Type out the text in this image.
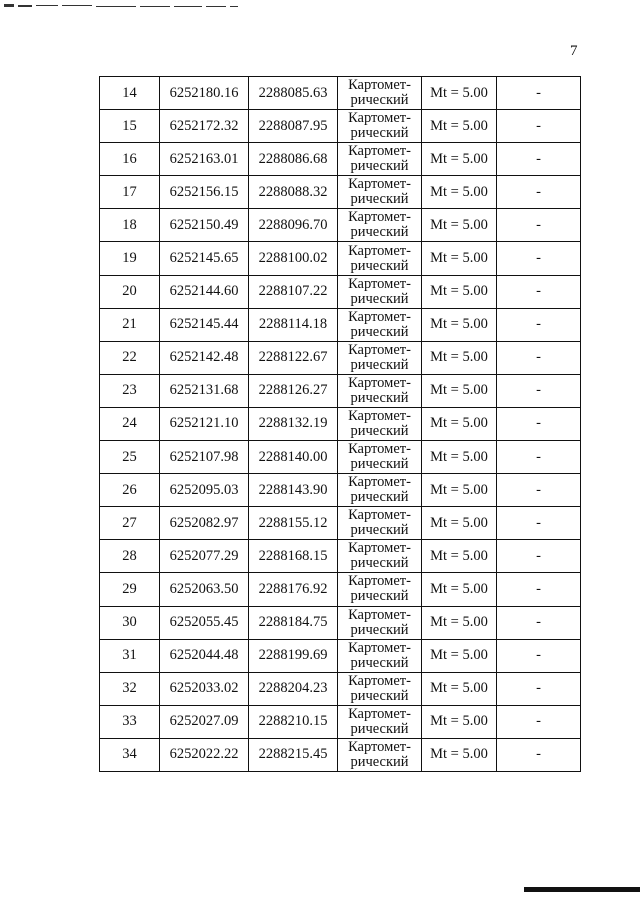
7
14	6252180.16	2288085.63	Картомет-
рический	Mt = 5.00	-
15	6252172.32	2288087.95	Картомет-
рический	Mt = 5.00	-
16	6252163.01	2288086.68	Картомет-
рический	Mt = 5.00	-
17	6252156.15	2288088.32	Картомет-
рический	Mt = 5.00	-
18	6252150.49	2288096.70	Картомет-
рический	Mt = 5.00	-
19	6252145.65	2288100.02	Картомет-
рический	Mt = 5.00	-
20	6252144.60	2288107.22	Картомет-
рический	Mt = 5.00	-
21	6252145.44	2288114.18	Картомет-
рический	Mt = 5.00	-
22	6252142.48	2288122.67	Картомет-
рический	Mt = 5.00	-
23	6252131.68	2288126.27	Картомет-
рический	Mt = 5.00	-
24	6252121.10	2288132.19	Картомет-
рический	Mt = 5.00	-
25	6252107.98	2288140.00	Картомет-
рический	Mt = 5.00	-
26	6252095.03	2288143.90	Картомет-
рический	Mt = 5.00	-
27	6252082.97	2288155.12	Картомет-
рический	Mt = 5.00	-
28	6252077.29	2288168.15	Картомет-
рический	Mt = 5.00	-
29	6252063.50	2288176.92	Картомет-
рический	Mt = 5.00	-
30	6252055.45	2288184.75	Картомет-
рический	Mt = 5.00	-
31	6252044.48	2288199.69	Картомет-
рический	Mt = 5.00	-
32	6252033.02	2288204.23	Картомет-
рический	Mt = 5.00	-
33	6252027.09	2288210.15	Картомет-
рический	Mt = 5.00	-
34	6252022.22	2288215.45	Картомет-
рический	Mt = 5.00	-
